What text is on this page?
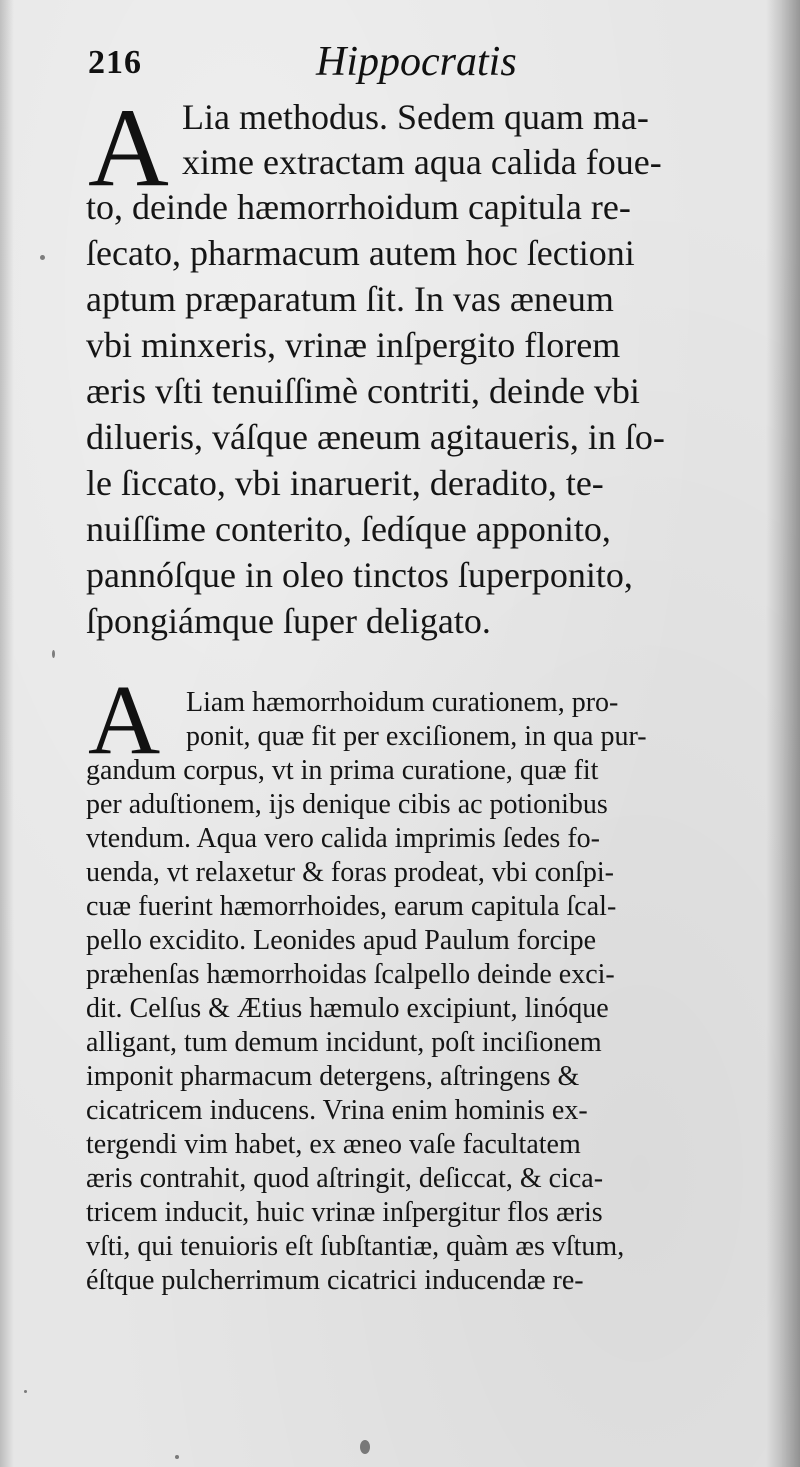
216	Hippocratis
A Lia methodus. Sedem quam ma-
xime extractam aqua calida foue-
to, deinde hæmorrhoidum capitula re-
ſecato, pharmacum autem hoc ſectioni
aptum præparatum ſit. In vas æneum
vbi minxeris, vrinæ inſpergito florem
æris vſti tenuiſſimè contriti, deinde vbi
dilueris, váſque æneum agitaueris, in ſo-
le ſiccato, vbi inaruerit, deradito, te-
nuiſſime conterito, ſedíque apponito,
pannóſque in oleo tinctos ſuperponito,
ſpongiámque ſuper deligato.
A Liam hæmorrhoidum curationem, pro-
ponit, quæ fit per exciſionem, in qua pur-
gandum corpus, vt in prima curatione, quæ fit
per aduſtionem, ijs denique cibis ac potionibus
vtendum. Aqua vero calida imprimis ſedes fo-
uenda, vt relaxetur & foras prodeat, vbi conſpi-
cuæ fuerint hæmorrhoides, earum capitula ſcal-
pello excidito. Leonides apud Paulum forcipe
præhenſas hæmorrhoidas ſcalpello deinde exci-
dit. Celſus & Ætius hæmulo excipiunt, linóque
alligant, tum demum incidunt, poſt inciſionem
imponit pharmacum detergens, aſtringens &
cicatricem inducens. Vrina enim hominis ex-
tergendi vim habet, ex æneo vaſe facultatem
æris contrahit, quod aſtringit, deſiccat, & cica-
tricem inducit, huic vrinæ inſpergitur flos æris
vſti, qui tenuioris eſt ſubſtantiæ, quàm æs vſtum,
éſtque pulcherrimum cicatrici inducendæ re-
